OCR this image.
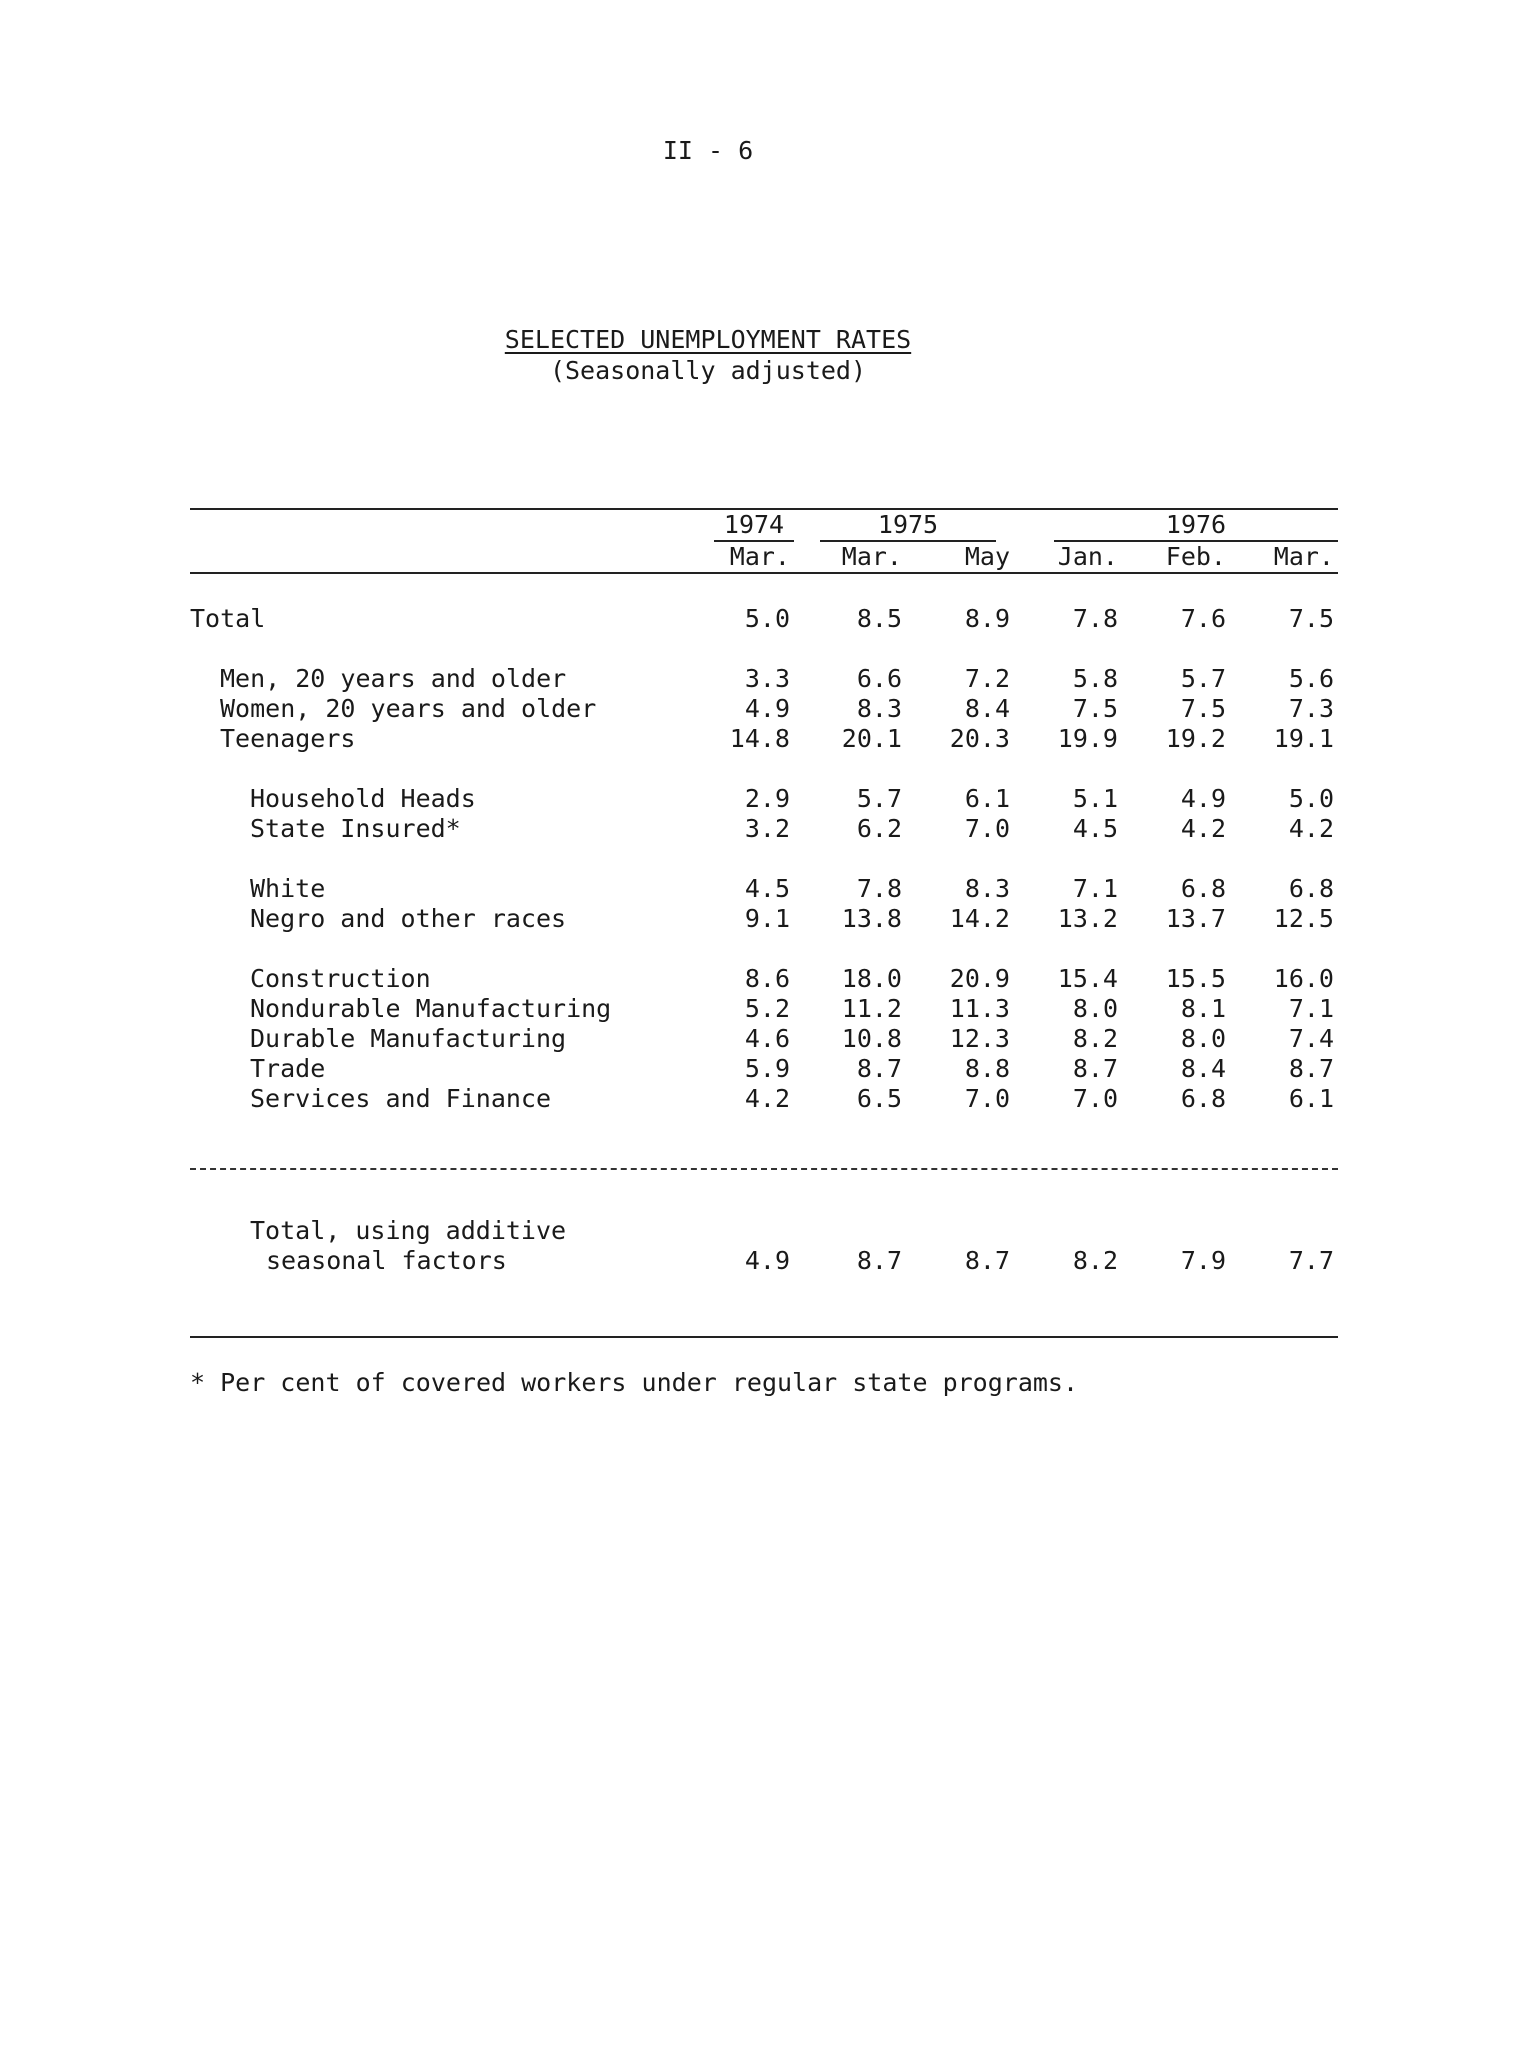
II - 6
SELECTED UNEMPLOYMENT RATES
(Seasonally adjusted)
1974	1975	1976
Mar.	Mar.	May	Jan.	Feb.	Mar.
Total	5.0	8.5	8.9	7.8	7.6	7.5
Men, 20 years and older	3.3	6.6	7.2	5.8	5.7	5.6
Women, 20 years and older	4.9	8.3	8.4	7.5	7.5	7.3
Teenagers	14.8	20.1	20.3	19.9	19.2	19.1
Household Heads	2.9	5.7	6.1	5.1	4.9	5.0
State Insured*	3.2	6.2	7.0	4.5	4.2	4.2
White	4.5	7.8	8.3	7.1	6.8	6.8
Negro and other races	9.1	13.8	14.2	13.2	13.7	12.5
Construction	8.6	18.0	20.9	15.4	15.5	16.0
Nondurable Manufacturing	5.2	11.2	11.3	8.0	8.1	7.1
Durable Manufacturing	4.6	10.8	12.3	8.2	8.0	7.4
Trade	5.9	8.7	8.8	8.7	8.4	8.7
Services and Finance	4.2	6.5	7.0	7.0	6.8	6.1
Total, using additive
seasonal factors	4.9	8.7	8.7	8.2	7.9	7.7
* Per cent of covered workers under regular state programs.
